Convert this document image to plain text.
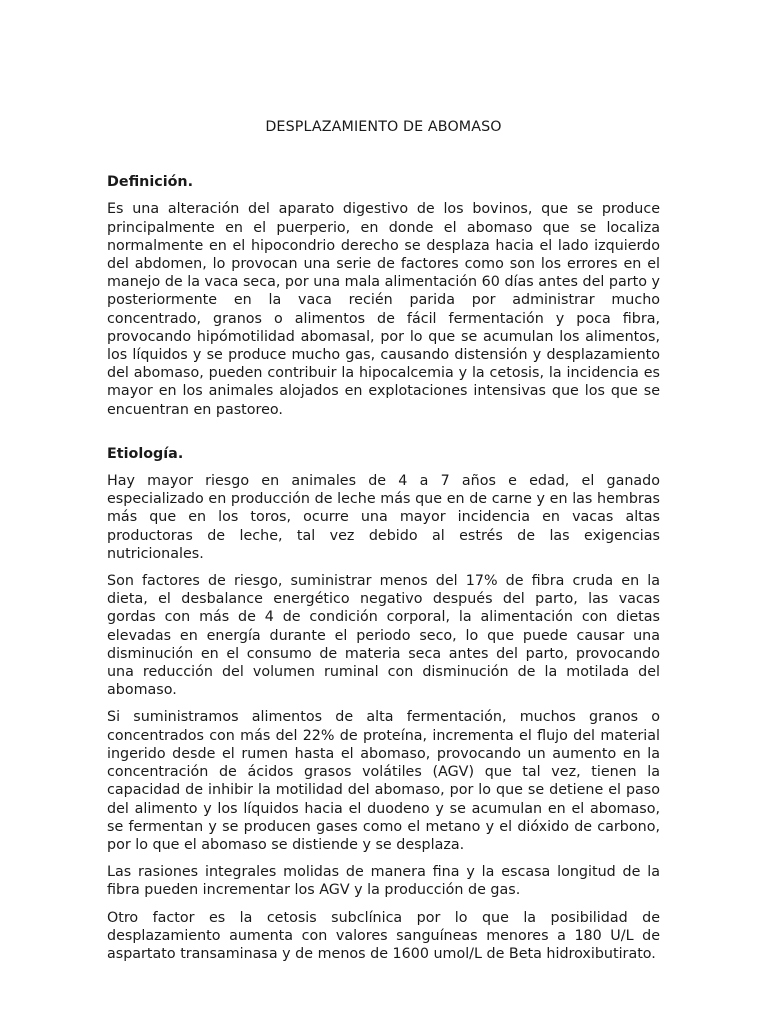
DESPLAZAMIENTO DE ABOMASO
Definición.

Es una alteración del aparato digestivo de los bovinos, que se produce principalmente en el puerperio, en donde el abomaso que se localiza normalmente en el hipocondrio derecho se desplaza hacia el lado izquierdo del abdomen, lo provocan una serie de factores como son los errores en el manejo de la vaca seca, por una mala alimentación 60 días antes del parto y posteriormente en la vaca recién parida por administrar mucho concentrado, granos o alimentos de fácil fermentación y poca fibra, provocando hipómotilidad abomasal, por lo que se acumulan los alimentos, los líquidos y se produce mucho gas, causando distensión y desplazamiento del abomaso, pueden contribuir la hipocalcemia y la cetosis, la incidencia es mayor en los animales alojados en explotaciones intensivas que los que se encuentran en pastoreo.

Etiología.

Hay mayor riesgo en animales de 4 a 7 años e edad, el ganado especializado en producción de leche más que en de carne y en las hembras más que en los toros, ocurre una mayor incidencia en vacas altas productoras de leche, tal vez debido al estrés de las exigencias nutricionales.

Son factores de riesgo, suministrar menos del 17% de fibra cruda en la dieta, el desbalance energético negativo después del parto, las vacas gordas con más de 4 de condición corporal, la alimentación con dietas elevadas en energía durante el periodo seco, lo que puede causar una disminución en el consumo de materia seca antes del parto, provocando una reducción del volumen ruminal con disminución de la motilada del abomaso.

Si suministramos alimentos de alta fermentación, muchos granos o concentrados con más del 22% de proteína, incrementa el flujo del material ingerido desde el rumen hasta el abomaso, provocando un aumento en la concentración de ácidos grasos volátiles (AGV) que tal vez, tienen la capacidad de inhibir la motilidad del abomaso, por lo que se detiene el paso del alimento y los líquidos hacia el duodeno y se acumulan en el abomaso, se fermentan y se producen gases como el metano y el dióxido de carbono, por lo que el abomaso se distiende y se desplaza.

Las rasiones integrales molidas de manera fina y la escasa longitud de la fibra pueden incrementar los AGV y la producción de gas.

Otro factor es la cetosis subclínica por lo que la posibilidad de desplazamiento aumenta con valores sanguíneas menores a 180 U/L de aspartato transaminasa y de menos de 1600 umol/L de Beta hidroxibutirato.
